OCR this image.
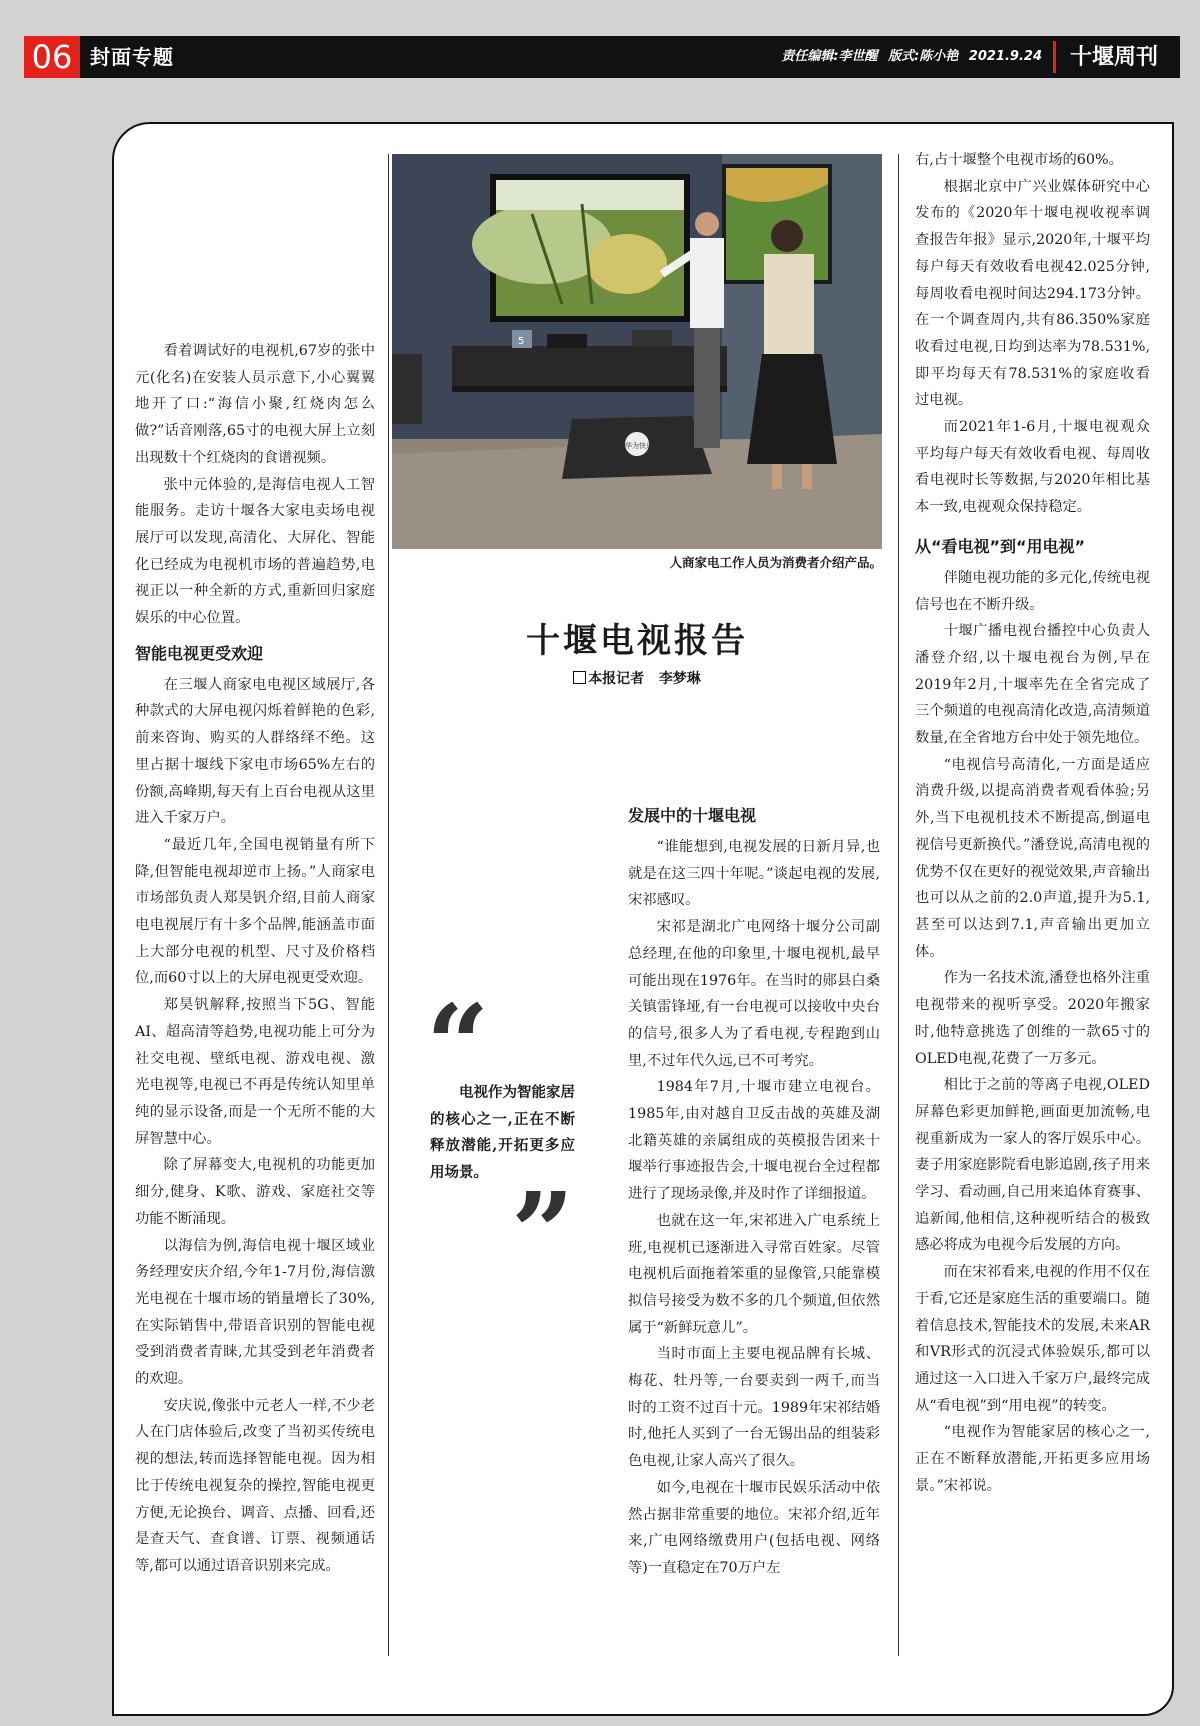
06 封面专题	责任编辑:李世醒 版式:陈小艳 2021.9.24	十堰周刊

看着调试好的电视机,67岁的张中元(化名)在安装人员示意下,小心翼翼地开了口:“海信小聚,红烧肉怎么做?”话音刚落,65寸的电视大屏上立刻出现数十个红烧肉的食谱视频。

张中元体验的,是海信电视人工智能服务。走访十堰各大家电卖场电视展厅可以发现,高清化、大屏化、智能化已经成为电视机市场的普遍趋势,电视正以一种全新的方式,重新回归家庭娱乐的中心位置。

智能电视更受欢迎

在三堰人商家电电视区域展厅,各种款式的大屏电视闪烁着鲜艳的色彩,前来咨询、购买的人群络绎不绝。这里占据十堰线下家电市场65%左右的份额,高峰期,每天有上百台电视从这里进入千家万户。

“最近几年,全国电视销量有所下降,但智能电视却逆市上扬。”人商家电市场部负责人郑昊钒介绍,目前人商家电电视展厅有十多个品牌,能涵盖市面上大部分电视的机型、尺寸及价格档位,而60寸以上的大屏电视更受欢迎。

郑昊钒解释,按照当下5G、智能AI、超高清等趋势,电视功能上可分为社交电视、壁纸电视、游戏电视、激光电视等,电视已不再是传统认知里单纯的显示设备,而是一个无所不能的大屏智慧中心。

除了屏幕变大,电视机的功能更加细分,健身、K歌、游戏、家庭社交等功能不断涌现。

以海信为例,海信电视十堰区域业务经理安庆介绍,今年1-7月份,海信激光电视在十堰市场的销量增长了30%,在实际销售中,带语音识别的智能电视受到消费者青睐,尤其受到老年消费者的欢迎。

安庆说,像张中元老人一样,不少老人在门店体验后,改变了当初买传统电视的想法,转而选择智能电视。因为相比于传统电视复杂的操控,智能电视更方便,无论换台、调音、点播、回看,还是查天气、查食谱、订票、视频通话等,都可以通过语音识别来完成。

5
华为快乐
人商家电工作人员为消费者介绍产品。
十堰电视报告
本报记者 李梦琳
“
电视作为智能家居的核心之一,正在不断释放潜能,开拓更多应用场景。 ”
发展中的十堰电视

“谁能想到,电视发展的日新月异,也就是在这三四十年呢。”谈起电视的发展,宋祁感叹。

宋祁是湖北广电网络十堰分公司副总经理,在他的印象里,十堰电视机,最早可能出现在1976年。在当时的郧县白桑关镇雷锋垭,有一台电视可以接收中央台的信号,很多人为了看电视,专程跑到山里,不过年代久远,已不可考究。

1984年7月,十堰市建立电视台。1985年,由对越自卫反击战的英雄及湖北籍英雄的亲属组成的英模报告团来十堰举行事迹报告会,十堰电视台全过程都进行了现场录像,并及时作了详细报道。

也就在这一年,宋祁进入广电系统上班,电视机已逐渐进入寻常百姓家。尽管电视机后面拖着笨重的显像管,只能靠模拟信号接受为数不多的几个频道,但依然属于“新鲜玩意儿”。

当时市面上主要电视品牌有长城、梅花、牡丹等,一台要卖到一两千,而当时的工资不过百十元。1989年宋祁结婚时,他托人买到了一台无锡出品的组装彩色电视,让家人高兴了很久。

如今,电视在十堰市民娱乐活动中依然占据非常重要的地位。宋祁介绍,近年来,广电网络缴费用户(包括电视、网络等)一直稳定在70万户左

右,占十堰整个电视市场的60%。

根据北京中广兴业媒体研究中心发布的《2020年十堰电视收视率调查报告年报》显示,2020年,十堰平均每户每天有效收看电视42.025分钟,每周收看电视时间达294.173分钟。在一个调查周内,共有86.350%家庭收看过电视,日均到达率为78.531%,即平均每天有78.531%的家庭收看过电视。

而2021年1-6月,十堰电视观众平均每户每天有效收看电视、每周收看电视时长等数据,与2020年相比基本一致,电视观众保持稳定。

从“看电视”到“用电视”

伴随电视功能的多元化,传统电视信号也在不断升级。

十堰广播电视台播控中心负责人潘登介绍,以十堰电视台为例,早在2019年2月,十堰率先在全省完成了三个频道的电视高清化改造,高清频道数量,在全省地方台中处于领先地位。

“电视信号高清化,一方面是适应消费升级,以提高消费者观看体验;另外,当下电视机技术不断提高,倒逼电视信号更新换代。”潘登说,高清电视的优势不仅在更好的视觉效果,声音输出也可以从之前的2.0声道,提升为5.1,甚至可以达到7.1,声音输出更加立体。

作为一名技术流,潘登也格外注重电视带来的视听享受。2020年搬家时,他特意挑选了创维的一款65寸的OLED电视,花费了一万多元。

相比于之前的等离子电视,OLED屏幕色彩更加鲜艳,画面更加流畅,电视重新成为一家人的客厅娱乐中心。妻子用家庭影院看电影追剧,孩子用来学习、看动画,自己用来追体育赛事、追新闻,他相信,这种视听结合的极致感必将成为电视今后发展的方向。

而在宋祁看来,电视的作用不仅在于看,它还是家庭生活的重要端口。随着信息技术,智能技术的发展,未来AR和VR形式的沉浸式体验娱乐,都可以通过这一入口进入千家万户,最终完成从“看电视”到“用电视”的转变。

“电视作为智能家居的核心之一,正在不断释放潜能,开拓更多应用场景。”宋祁说。
